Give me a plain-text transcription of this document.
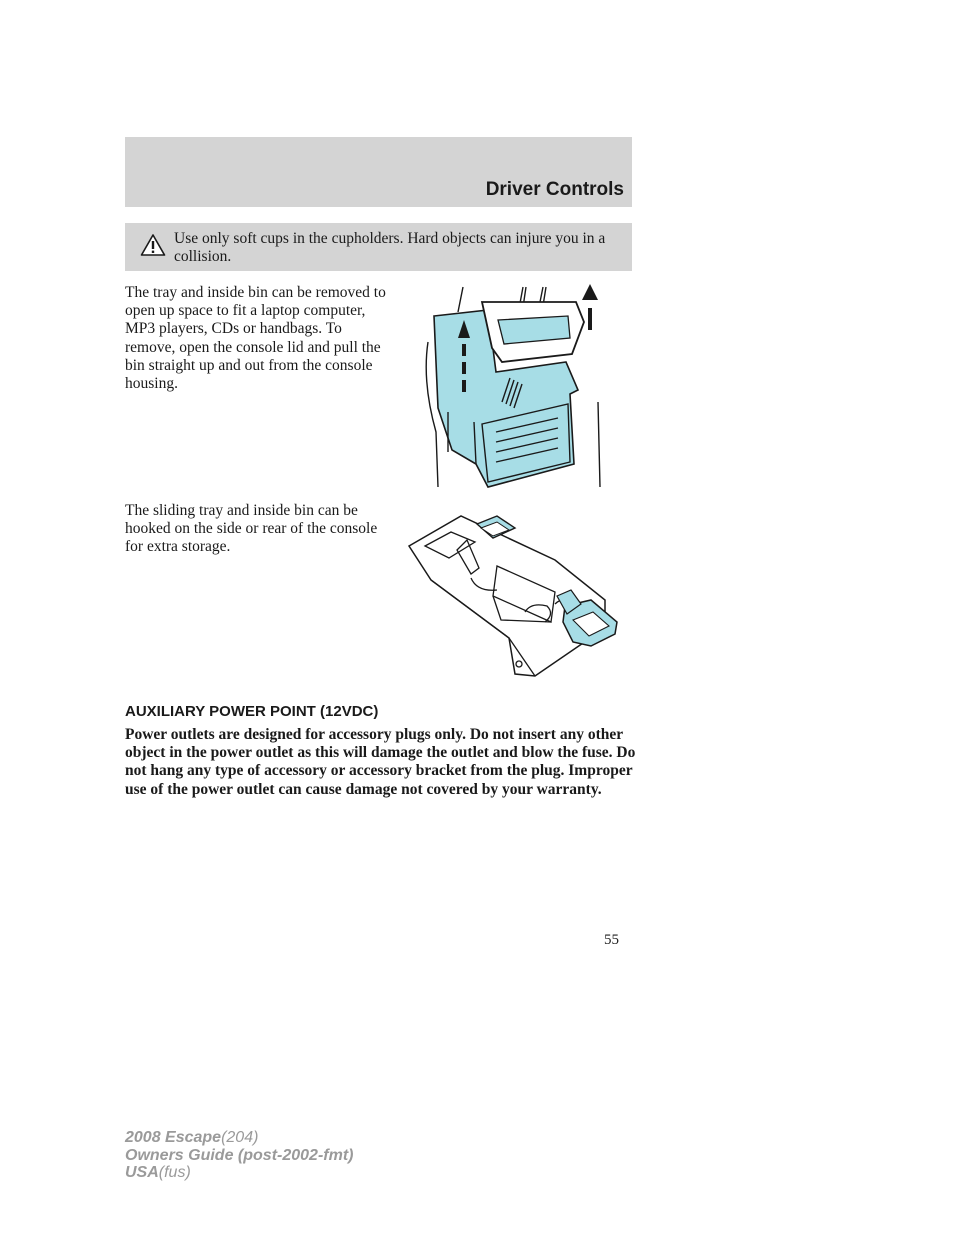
Driver Controls
Use only soft cups in the cupholders. Hard objects can injure you in a collision.

The tray and inside bin can be removed to open up space to fit a laptop computer, MP3 players, CDs or handbags. To remove, open the console lid and pull the bin straight up and out from the console housing.

The sliding tray and inside bin can be hooked on the side or rear of the console for extra storage.

AUXILIARY POWER POINT (12VDC)

Power outlets are designed for accessory plugs only. Do not insert any other object in the power outlet as this will damage the outlet and blow the fuse. Do not hang any type of accessory or accessory bracket from the plug. Improper use of the power outlet can cause damage not covered by your warranty.

55
2008 Escape(204)
Owners Guide (post-2002-fmt)
USA(fus)
